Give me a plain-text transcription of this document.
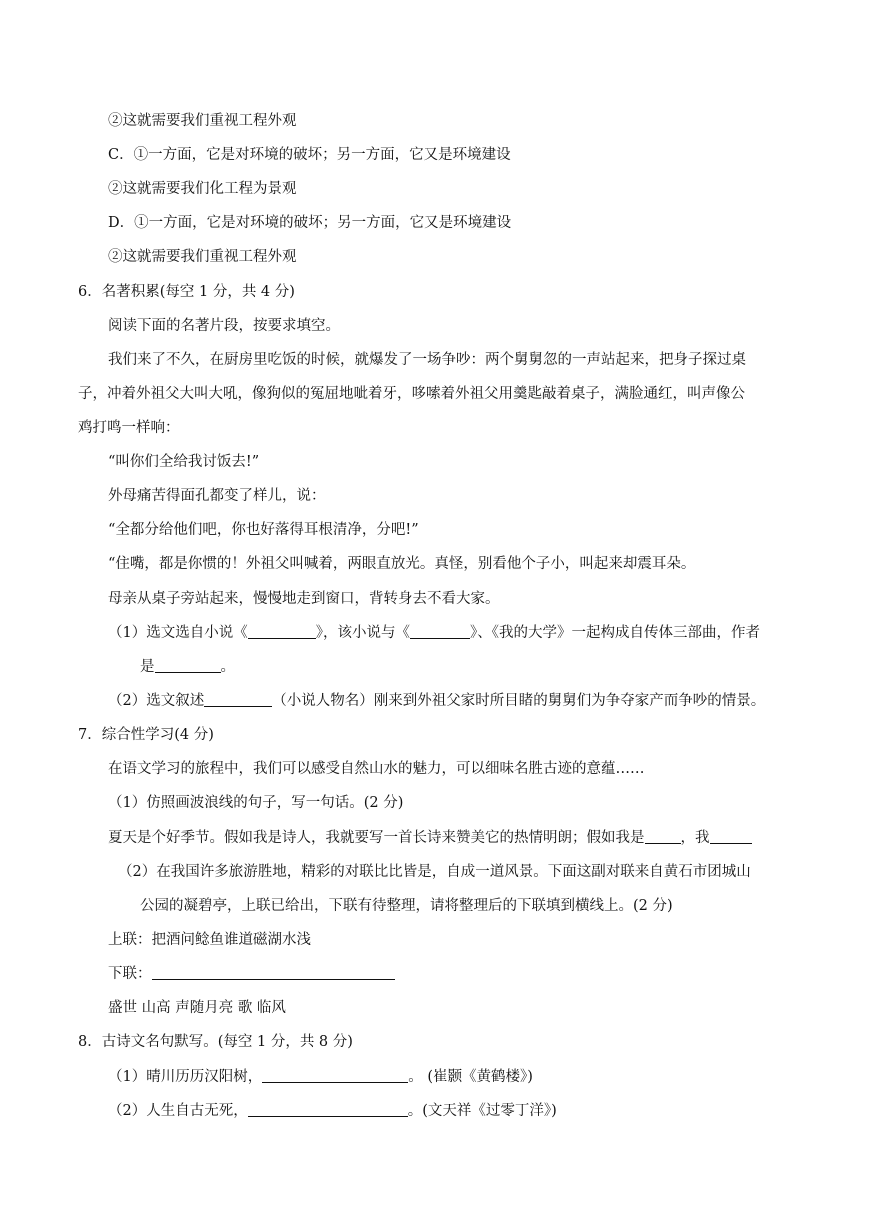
②这就需要我们重视工程外观
C．①一方面，它是对环境的破坏；另一方面，它又是环境建设
②这就需要我们化工程为景观
D．①一方面，它是对环境的破坏；另一方面，它又是环境建设
②这就需要我们重视工程外观
6．名著积累(每空 1 分，共 4 分)
阅读下面的名著片段，按要求填空。
我们来了不久，在厨房里吃饭的时候，就爆发了一场争吵：两个舅舅忽的一声站起来，把身子探过桌
子，冲着外祖父大叫大吼，像狗似的冤屈地呲着牙，哆嗦着外祖父用羹匙敲着桌子，满脸通红，叫声像公
鸡打鸣一样响：
“叫你们全给我讨饭去!”
外母痛苦得面孔都变了样儿，说：
“全都分给他们吧，你也好落得耳根清净，分吧!”
“住嘴，都是你惯的！外祖父叫喊着，两眼直放光。真怪，别看他个子小，叫起来却震耳朵。
母亲从桌子旁站起来，慢慢地走到窗口，背转身去不看大家。
（1）选文选自小说《	》，该小说与《	》、《我的大学》一起构成自传体三部曲，作者
是	。
（2）选文叙述	（小说人物名）刚来到外祖父家时所目睹的舅舅们为争夺家产而争吵的情景。
7．综合性学习(4 分)
在语文学习的旅程中，我们可以感受自然山水的魅力，可以细味名胜古迹的意蕴……
（1）仿照画波浪线的句子，写一句话。(2 分)
夏天是个好季节。假如我是诗人，我就要写一首长诗来赞美它的热情明朗；假如我是 ，我
（2）在我国许多旅游胜地，精彩的对联比比皆是，自成一道风景。下面这副对联来自黄石市团城山
公园的凝碧亭，上联已给出，下联有待整理，请将整理后的下联填到横线上。(2 分)
上联：把酒问鲶鱼谁道磁湖水浅
下联：
盛世 山高 声随月亮 歌 临风
8．古诗文名句默写。(每空 1 分，共 8 分)
（1）晴川历历汉阳树，	。 (崔颢《黄鹤楼》)
（2）人生自古无死，	。(文天祥《过零丁洋》)
